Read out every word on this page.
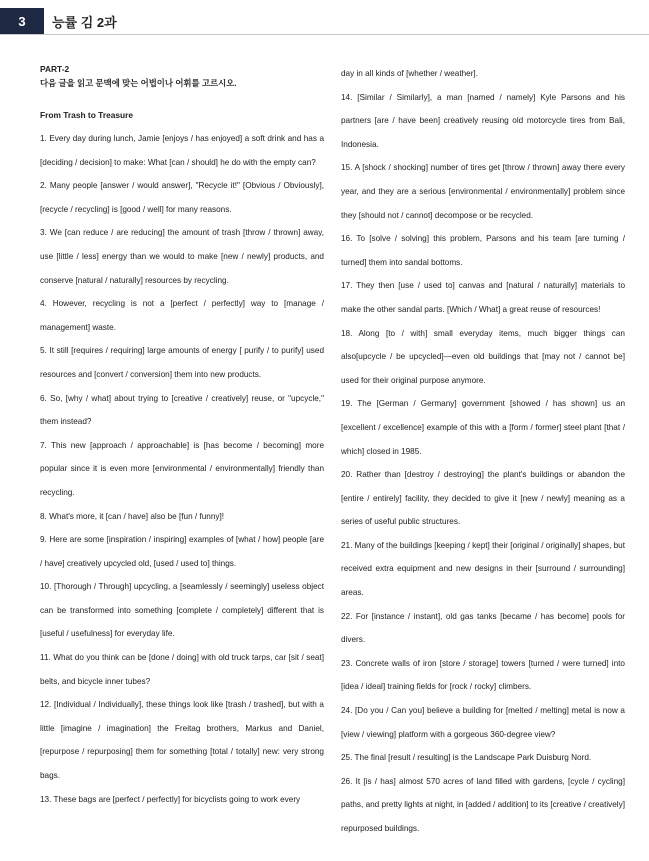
3	능률 김 2과

PART-2

다음 글을 읽고 문맥에 맞는 어법이나 어휘를 고르시오.

From Trash to Treasure

1. Every day during lunch, Jamie [enjoys / has enjoyed] a soft drink and has a [deciding / decision] to make: What [can / should] he do with the empty can?

2. Many people [answer / would answer], "Recycle it!" [Obvious / Obviously], [recycle / recycling] is [good / well] for many reasons.

3. We [can reduce / are reducing] the amount of trash [throw / thrown] away, use [little / less] energy than we would to make [new / newly] products, and conserve [natural / naturally] resources by recycling.

4. However, recycling is not a [perfect / perfectly] way to [manage / management] waste.

5. It still [requires / requiring] large amounts of energy [ purify / to purify] used resources and [convert / conversion] them into new products.

6. So, [why / what] about trying to [creative / creatively] reuse, or "upcycle," them instead?

7. This new [approach / approachable] is [has become / becoming] more popular since it is even more [environmental / environmentally] friendly than recycling.

8. What's more, it [can / have] also be [fun / funny]!

9. Here are some [inspiration / inspiring] examples of [what / how] people [are / have] creatively upcycled old, [used / used to] things.

10. [Thorough / Through] upcycling, a [seamlessly / seemingly] useless object can be transformed into something [complete / completely] different that is [useful / usefulness] for everyday life.

11. What do you think can be [done / doing] with old truck tarps, car [sit / seat] belts, and bicycle inner tubes?

12. [Individual / Individually], these things look like [trash / trashed], but with a little [imagine / imagination] the Freitag brothers, Markus and Daniel, [repurpose / repurposing] them for something [total / totally] new: very strong bags.

13. These bags are [perfect / perfectly] for bicyclists going to work every

day in all kinds of [whether / weather].

14. [Similar / Similarly], a man [named / namely] Kyle Parsons and his partners [are / have been] creatively reusing old motorcycle tires from Bali, Indonesia.

15. A [shock / shocking] number of tires get [throw / thrown] away there every year, and they are a serious [environmental / environmentally] problem since they [should not / cannot] decompose or be recycled.

16. To [solve / solving] this problem, Parsons and his team [are turning / turned] them into sandal bottoms.

17. They then [use / used to] canvas and [natural / naturally] materials to make the other sandal parts. [Which / What] a great reuse of resources!

18. Along [to / with] small everyday items, much bigger things can also[upcycle / be upcycled]—even old buildings that [may not / cannot be] used for their original purpose anymore.

19. The [German / Germany] government [showed / has shown] us an [excellent / excellence] example of this with a [form / former] steel plant [that / which] closed in 1985.

20. Rather than [destroy / destroying] the plant's buildings or abandon the [entire / entirely] facility, they decided to give it [new / newly] meaning as a series of useful public structures.

21. Many of the buildings [keeping / kept] their [original / originally] shapes, but received extra equipment and new designs in their [surround / surrounding] areas.

22. For [instance / instant], old gas tanks [became / has become] pools for divers.

23. Concrete walls of iron [store / storage] towers [turned / were turned] into [idea / ideal] training fields for [rock / rocky] climbers.

24. [Do you / Can you] believe a building for [melted / melting] metal is now a [view / viewing] platform with a gorgeous 360-degree view?

25. The final [result / resulting] is the Landscape Park Duisburg Nord.

26. It [is / has] almost 570 acres of land filled with gardens, [cycle / cycling] paths, and pretty lights at night, in [added / addition] to its [creative / creatively] repurposed buildings.
